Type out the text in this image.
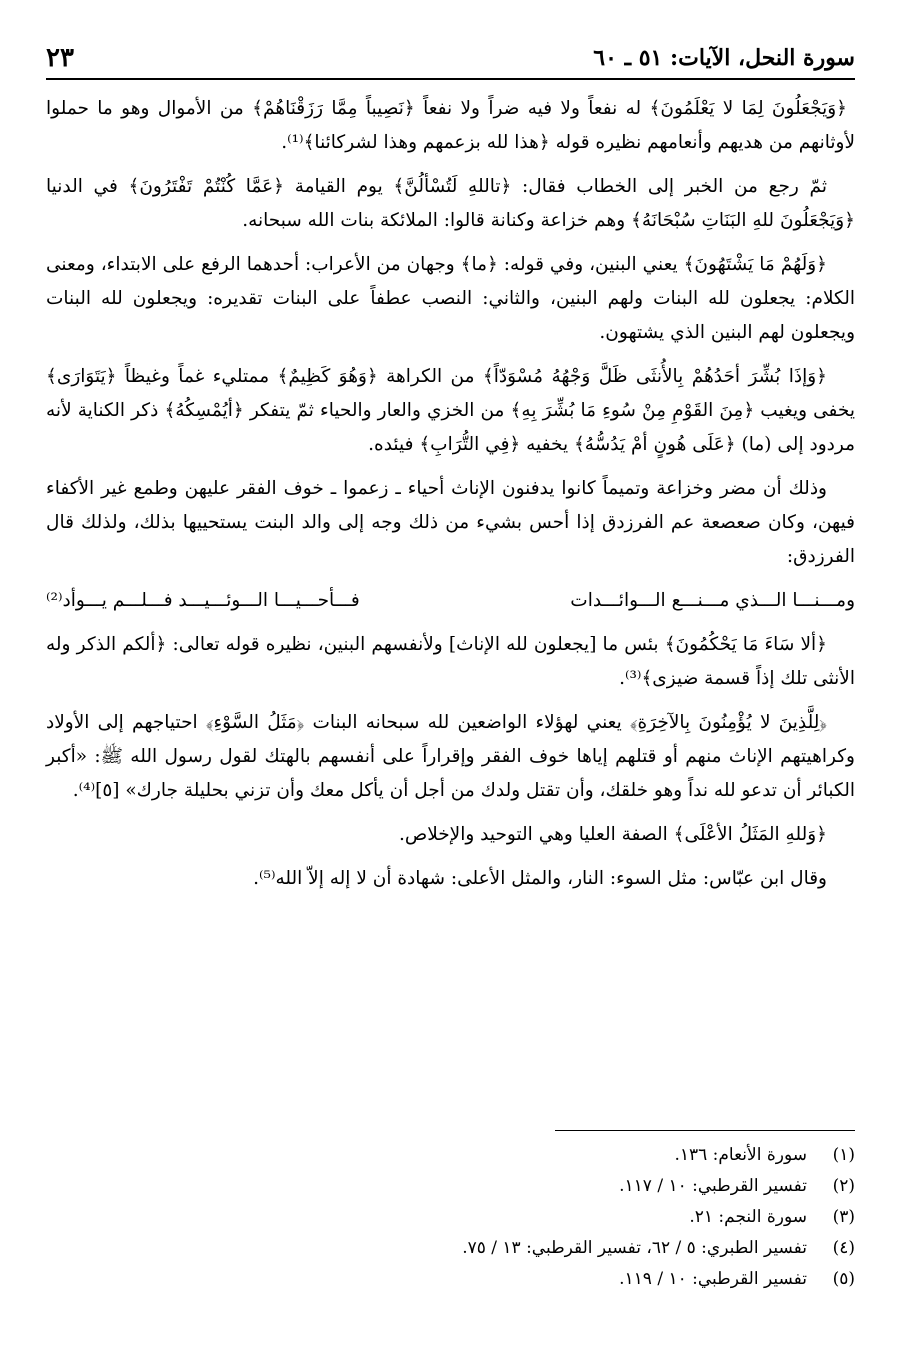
سورة النحل، الآيات: ٥١ ـ ٦٠
٢٣

﴿وَيَجْعَلُونَ لِمَا لا يَعْلَمُونَ﴾ له نفعاً ولا فيه ضراً ولا نفعاً ﴿نَصِيباً مِمَّا رَزَقْنَاهُمْ﴾ من الأموال وهو ما حملوا لأوثانهم من هديهم وأنعامهم نظيره قوله ﴿هذا لله بزعمهم وهذا لشركائنا﴾⁽¹⁾.

ثمّ رجع من الخبر إلى الخطاب فقال: ﴿تاللهِ لَتُسْألُنَّ﴾ يوم القيامة ﴿عَمَّا كُنْتُمْ تَفْتَرُونَ﴾ في الدنيا ﴿وَيَجْعَلُونَ للهِ البَنَاتِ سُبْحَانَهُ﴾ وهم خزاعة وكنانة قالوا: الملائكة بنات الله سبحانه.

﴿وَلَهُمْ مَا يَشْتَهُونَ﴾ يعني البنين، وفي قوله: ﴿ما﴾ وجهان من الأعراب: أحدهما الرفع على الابتداء، ومعنى الكلام: يجعلون لله البنات ولهم البنين، والثاني: النصب عطفاً على البنات تقديره: ويجعلون لله البنات ويجعلون لهم البنين الذي يشتهون.

﴿وَإذَا بُشِّرَ أحَدُهُمْ بِالأُنثَى ظَلَّ وَجْهُهُ مُسْوَدّاً﴾ من الكراهة ﴿وَهُوَ كَظِيمٌ﴾ ممتليء غماً وغيظاً ﴿يَتَوَارَى﴾ يخفى ويغيب ﴿مِنَ القَوْمِ مِنْ سُوءِ مَا بُشِّرَ بِهِ﴾ من الخزي والعار والحياء ثمّ يتفكر ﴿أيُمْسِكُهُ﴾ ذكر الكناية لأنه مردود إلى (ما) ﴿عَلَى هُونٍ أمْ يَدُسُّهُ﴾ يخفيه ﴿فِي التُّرَابِ﴾ فيئده.

وذلك أن مضر وخزاعة وتميماً كانوا يدفنون الإناث أحياء ـ زعموا ـ خوف الفقر عليهن وطمع غير الأكفاء فيهن، وكان صعصعة عم الفرزدق إذا أحس بشيء من ذلك وجه إلى والد البنت يستحييها بذلك، ولذلك قال الفرزدق:

ومـــنـــا الـــذي مـــنـــع الـــوائـــدات
فـــأحـــيـــا الـــوئـــيـــد فـــلـــم يـــوأد⁽²⁾

﴿ألا سَاءَ مَا يَحْكُمُونَ﴾ بئس ما [يجعلون لله الإناث] ولأنفسهم البنين، نظيره قوله تعالى: ﴿ألكم الذكر وله الأنثى تلك إذاً قسمة ضيزى﴾⁽³⁾.

﴿لِلَّذِينَ لا يُؤْمِنُونَ بِالآخِرَةِ﴾ يعني لهؤلاء الواضعين لله سبحانه البنات ﴿مَثَلُ السَّوْءِ﴾ احتياجهم إلى الأولاد وكراهيتهم الإناث منهم أو قتلهم إياها خوف الفقر وإقراراً على أنفسهم بالهتك لقول رسول الله ﷺ: «أكبر الكبائر أن تدعو لله نداً وهو خلقك، وأن تقتل ولدك من أجل أن يأكل معك وأن تزني بحليلة جارك» [٥]⁽⁴⁾.

﴿وَللهِ المَثَلُ الأعْلَى﴾ الصفة العليا وهي التوحيد والإخلاص.

وقال ابن عبّاس: مثل السوء: النار، والمثل الأعلى: شهادة أن لا إله إلاّ الله⁽⁵⁾.

(١)
سورة الأنعام: ١٣٦.
(٢)
تفسير القرطبي: ١٠ / ١١٧.
(٣)
سورة النجم: ٢١.
(٤)
تفسير الطبري: ٥ / ٦٢، تفسير القرطبي: ١٣ / ٧٥.
(٥)
تفسير القرطبي: ١٠ / ١١٩.
